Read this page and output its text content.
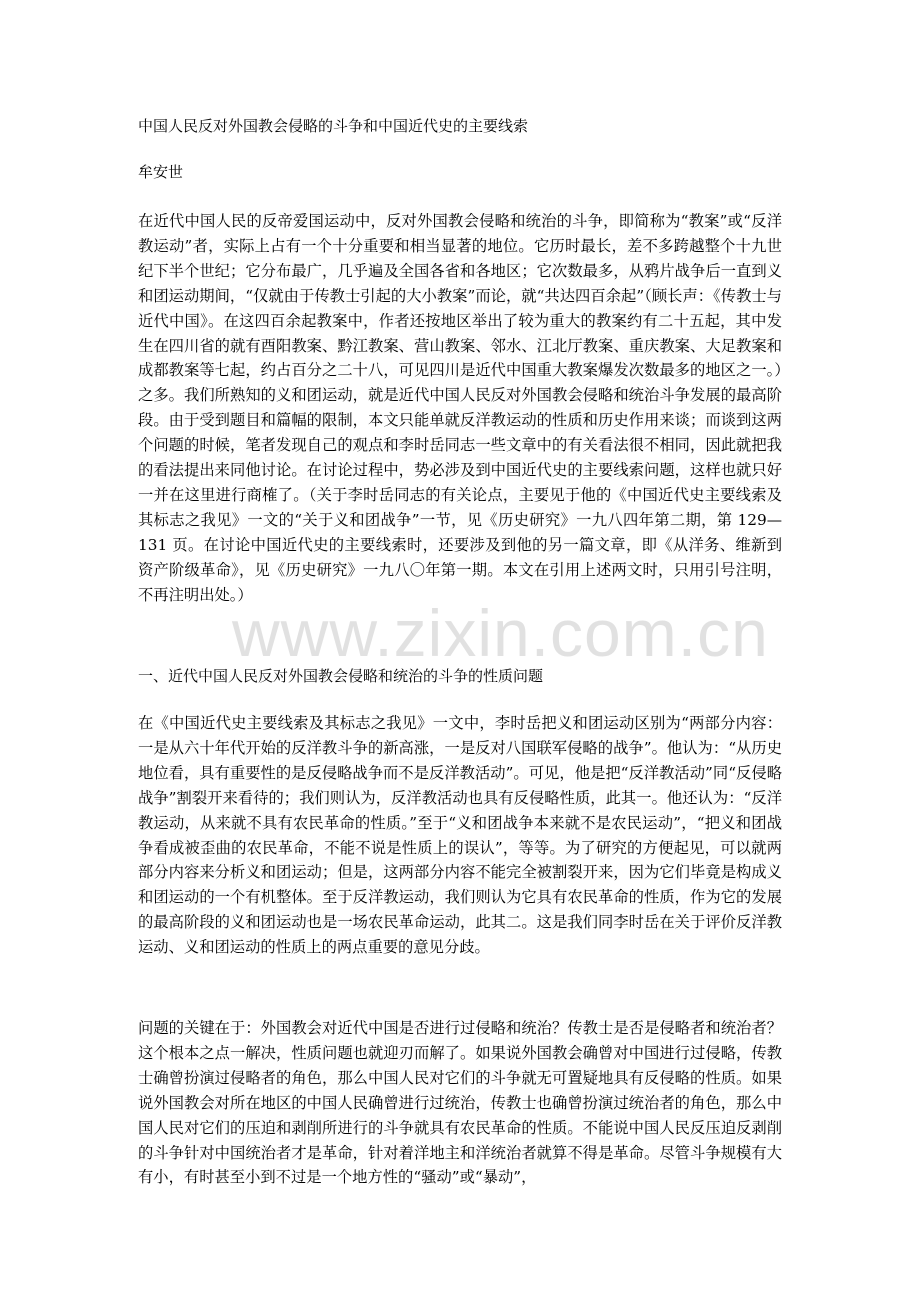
中国人民反对外国教会侵略的斗争和中国近代史的主要线索
牟安世

在近代中国人民的反帝爱国运动中，反对外国教会侵略和统治的斗争，即简称为“教案”或“反洋教运动”者，实际上占有一个十分重要和相当显著的地位。它历时最长，差不多跨越整个十九世纪下半个世纪；它分布最广，几乎遍及全国各省和各地区；它次数最多，从鸦片战争后一直到义和团运动期间，“仅就由于传教士引起的大小教案”而论，就“共达四百余起”（顾长声：《传教士与近代中国》。在这四百余起教案中，作者还按地区举出了较为重大的教案约有二十五起，其中发生在四川省的就有酉阳教案、黔江教案、营山教案、邻水、江北厅教案、重庆教案、大足教案和成都教案等七起，约占百分之二十八，可见四川是近代中国重大教案爆发次数最多的地区之一。）之多。我们所熟知的义和团运动，就是近代中国人民反对外国教会侵略和统治斗争发展的最高阶段。由于受到题目和篇幅的限制，本文只能单就反洋教运动的性质和历史作用来谈；而谈到这两个问题的时候，笔者发现自己的观点和李时岳同志一些文章中的有关看法很不相同，因此就把我的看法提出来同他讨论。在讨论过程中，势必涉及到中国近代史的主要线索问题，这样也就只好一并在这里进行商榷了。（关于李时岳同志的有关论点，主要见于他的《中国近代史主要线索及其标志之我见》一文的“关于义和团战争”一节，见《历史研究》一九八四年第二期，第 129—131 页。在讨论中国近代史的主要线索时，还要涉及到他的另一篇文章，即《从洋务、维新到资产阶级革命》，见《历史研究》一九八〇年第一期。本文在引用上述两文时，只用引号注明，不再注明出处。）

www.zixin.com.cn
一、近代中国人民反对外国教会侵略和统治的斗争的性质问题

在《中国近代史主要线索及其标志之我见》一文中，李时岳把义和团运动区别为“两部分内容：一是从六十年代开始的反洋教斗争的新高涨，一是反对八国联军侵略的战争”。他认为：“从历史地位看，具有重要性的是反侵略战争而不是反洋教活动”。可见，他是把“反洋教活动”同“反侵略战争”割裂开来看待的；我们则认为，反洋教活动也具有反侵略性质，此其一。他还认为：“反洋教运动，从来就不具有农民革命的性质。”至于“义和团战争本来就不是农民运动”，“把义和团战争看成被歪曲的农民革命，不能不说是性质上的误认”，等等。为了研究的方便起见，可以就两部分内容来分析义和团运动；但是，这两部分内容不能完全被割裂开来，因为它们毕竟是构成义和团运动的一个有机整体。至于反洋教运动，我们则认为它具有农民革命的性质，作为它的发展的最高阶段的义和团运动也是一场农民革命运动，此其二。这是我们同李时岳在关于评价反洋教运动、义和团运动的性质上的两点重要的意见分歧。

问题的关键在于：外国教会对近代中国是否进行过侵略和统治？传教士是否是侵略者和统治者？这个根本之点一解决，性质问题也就迎刃而解了。如果说外国教会确曾对中国进行过侵略，传教士确曾扮演过侵略者的角色，那么中国人民对它们的斗争就无可置疑地具有反侵略的性质。如果说外国教会对所在地区的中国人民确曾进行过统治，传教士也确曾扮演过统治者的角色，那么中国人民对它们的压迫和剥削所进行的斗争就具有农民革命的性质。不能说中国人民反压迫反剥削的斗争针对中国统治者才是革命，针对着洋地主和洋统治者就算不得是革命。尽管斗争规模有大有小，有时甚至小到不过是一个地方性的“骚动”或“暴动”，
